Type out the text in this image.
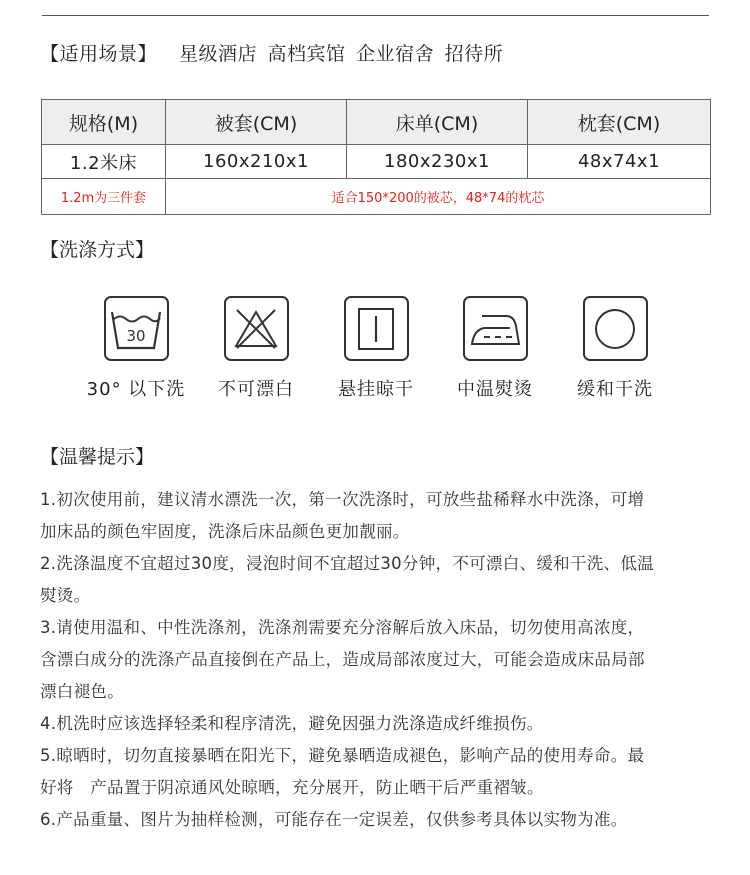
【适用场景】 星级酒店 高档宾馆 企业宿舍 招待所
规格(M)	被套(CM)	床单(CM)	枕套(CM)
1.2米床	160x210x1	180x230x1	48x74x1
1.2m为三件套	适合150*200的被芯，48*74的枕芯		
【洗涤方式】
30
30° 以下洗 不可漂白 悬挂晾干 中温熨烫 缓和干洗
【温馨提示】

1.初次使用前，建议清水漂洗一次，第一次洗涤时，可放些盐稀释水中洗涤，可增

加床品的颜色牢固度，洗涤后床品颜色更加靓丽。

2.洗涤温度不宜超过30度，浸泡时间不宜超过30分钟，不可漂白、缓和干洗、低温

熨烫。

3.请使用温和、中性洗涤剂，洗涤剂需要充分溶解后放入床品，切勿使用高浓度，

含漂白成分的洗涤产品直接倒在产品上，造成局部浓度过大，可能会造成床品局部

漂白褪色。

4.机洗时应该选择轻柔和程序清洗，避免因强力洗涤造成纤维损伤。

5.晾晒时，切勿直接暴晒在阳光下，避免暴晒造成褪色，影响产品的使用寿命。最

好将   产品置于阴凉通风处晾晒，充分展开，防止晒干后严重褶皱。

6.产品重量、图片为抽样检测，可能存在一定误差，仅供参考具体以实物为准。
